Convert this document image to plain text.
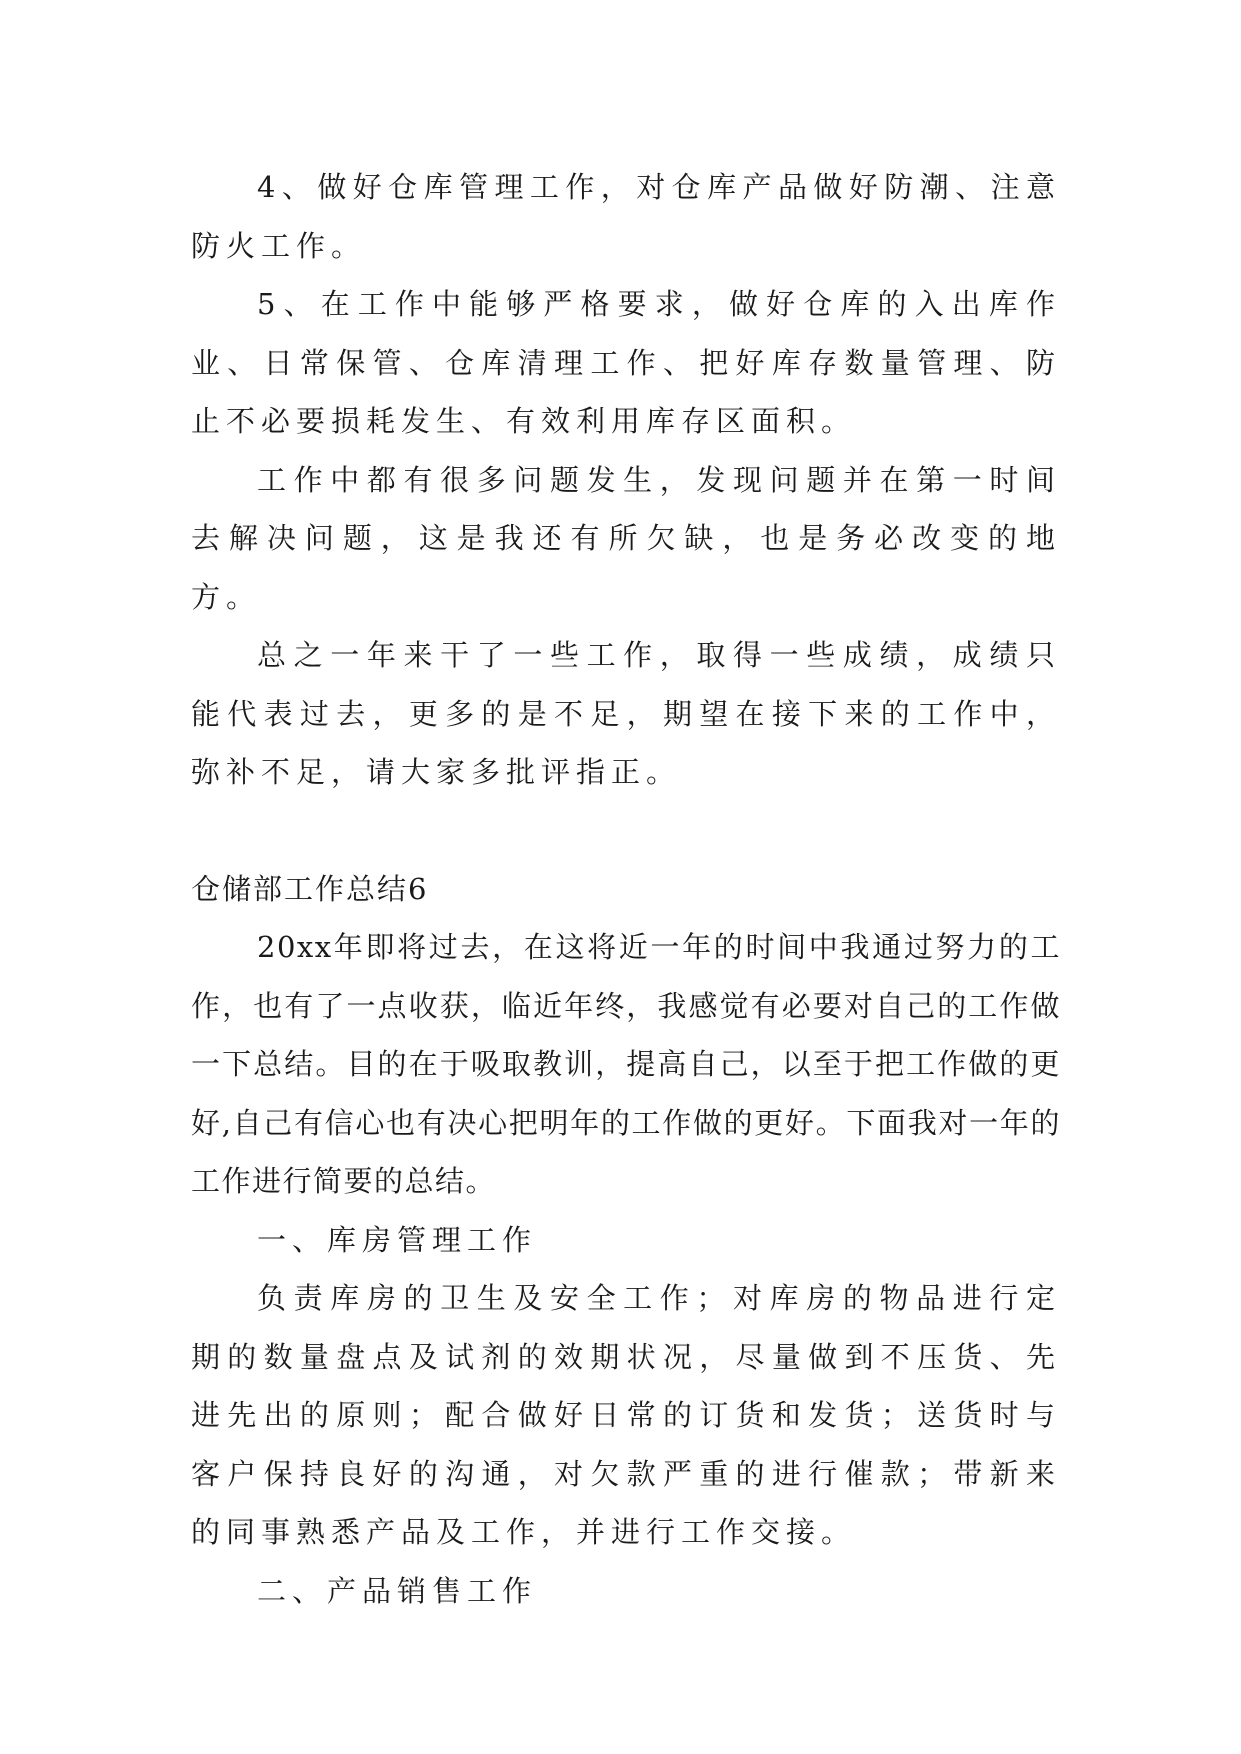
4、做好仓库管理工作，对仓库产品做好防潮、注意防火工作。

5、在工作中能够严格要求，做好仓库的入出库作业、日常保管、仓库清理工作、把好库存数量管理、防止不必要损耗发生、有效利用库存区面积。

工作中都有很多问题发生，发现问题并在第一时间去解决问题，这是我还有所欠缺，也是务必改变的地方。

总之一年来干了一些工作，取得一些成绩，成绩只能代表过去，更多的是不足，期望在接下来的工作中，弥补不足，请大家多批评指正。

仓储部工作总结6

20xx年即将过去，在这将近一年的时间中我通过努力的工作，也有了一点收获，临近年终，我感觉有必要对自己的工作做一下总结。目的在于吸取教训，提高自己，以至于把工作做的更好,自己有信心也有决心把明年的工作做的更好。下面我对一年的工作进行简要的总结。

一、库房管理工作

负责库房的卫生及安全工作；对库房的物品进行定期的数量盘点及试剂的效期状况，尽量做到不压货、先进先出的原则；配合做好日常的订货和发货；送货时与客户保持良好的沟通，对欠款严重的进行催款；带新来的同事熟悉产品及工作，并进行工作交接。

二、产品销售工作
